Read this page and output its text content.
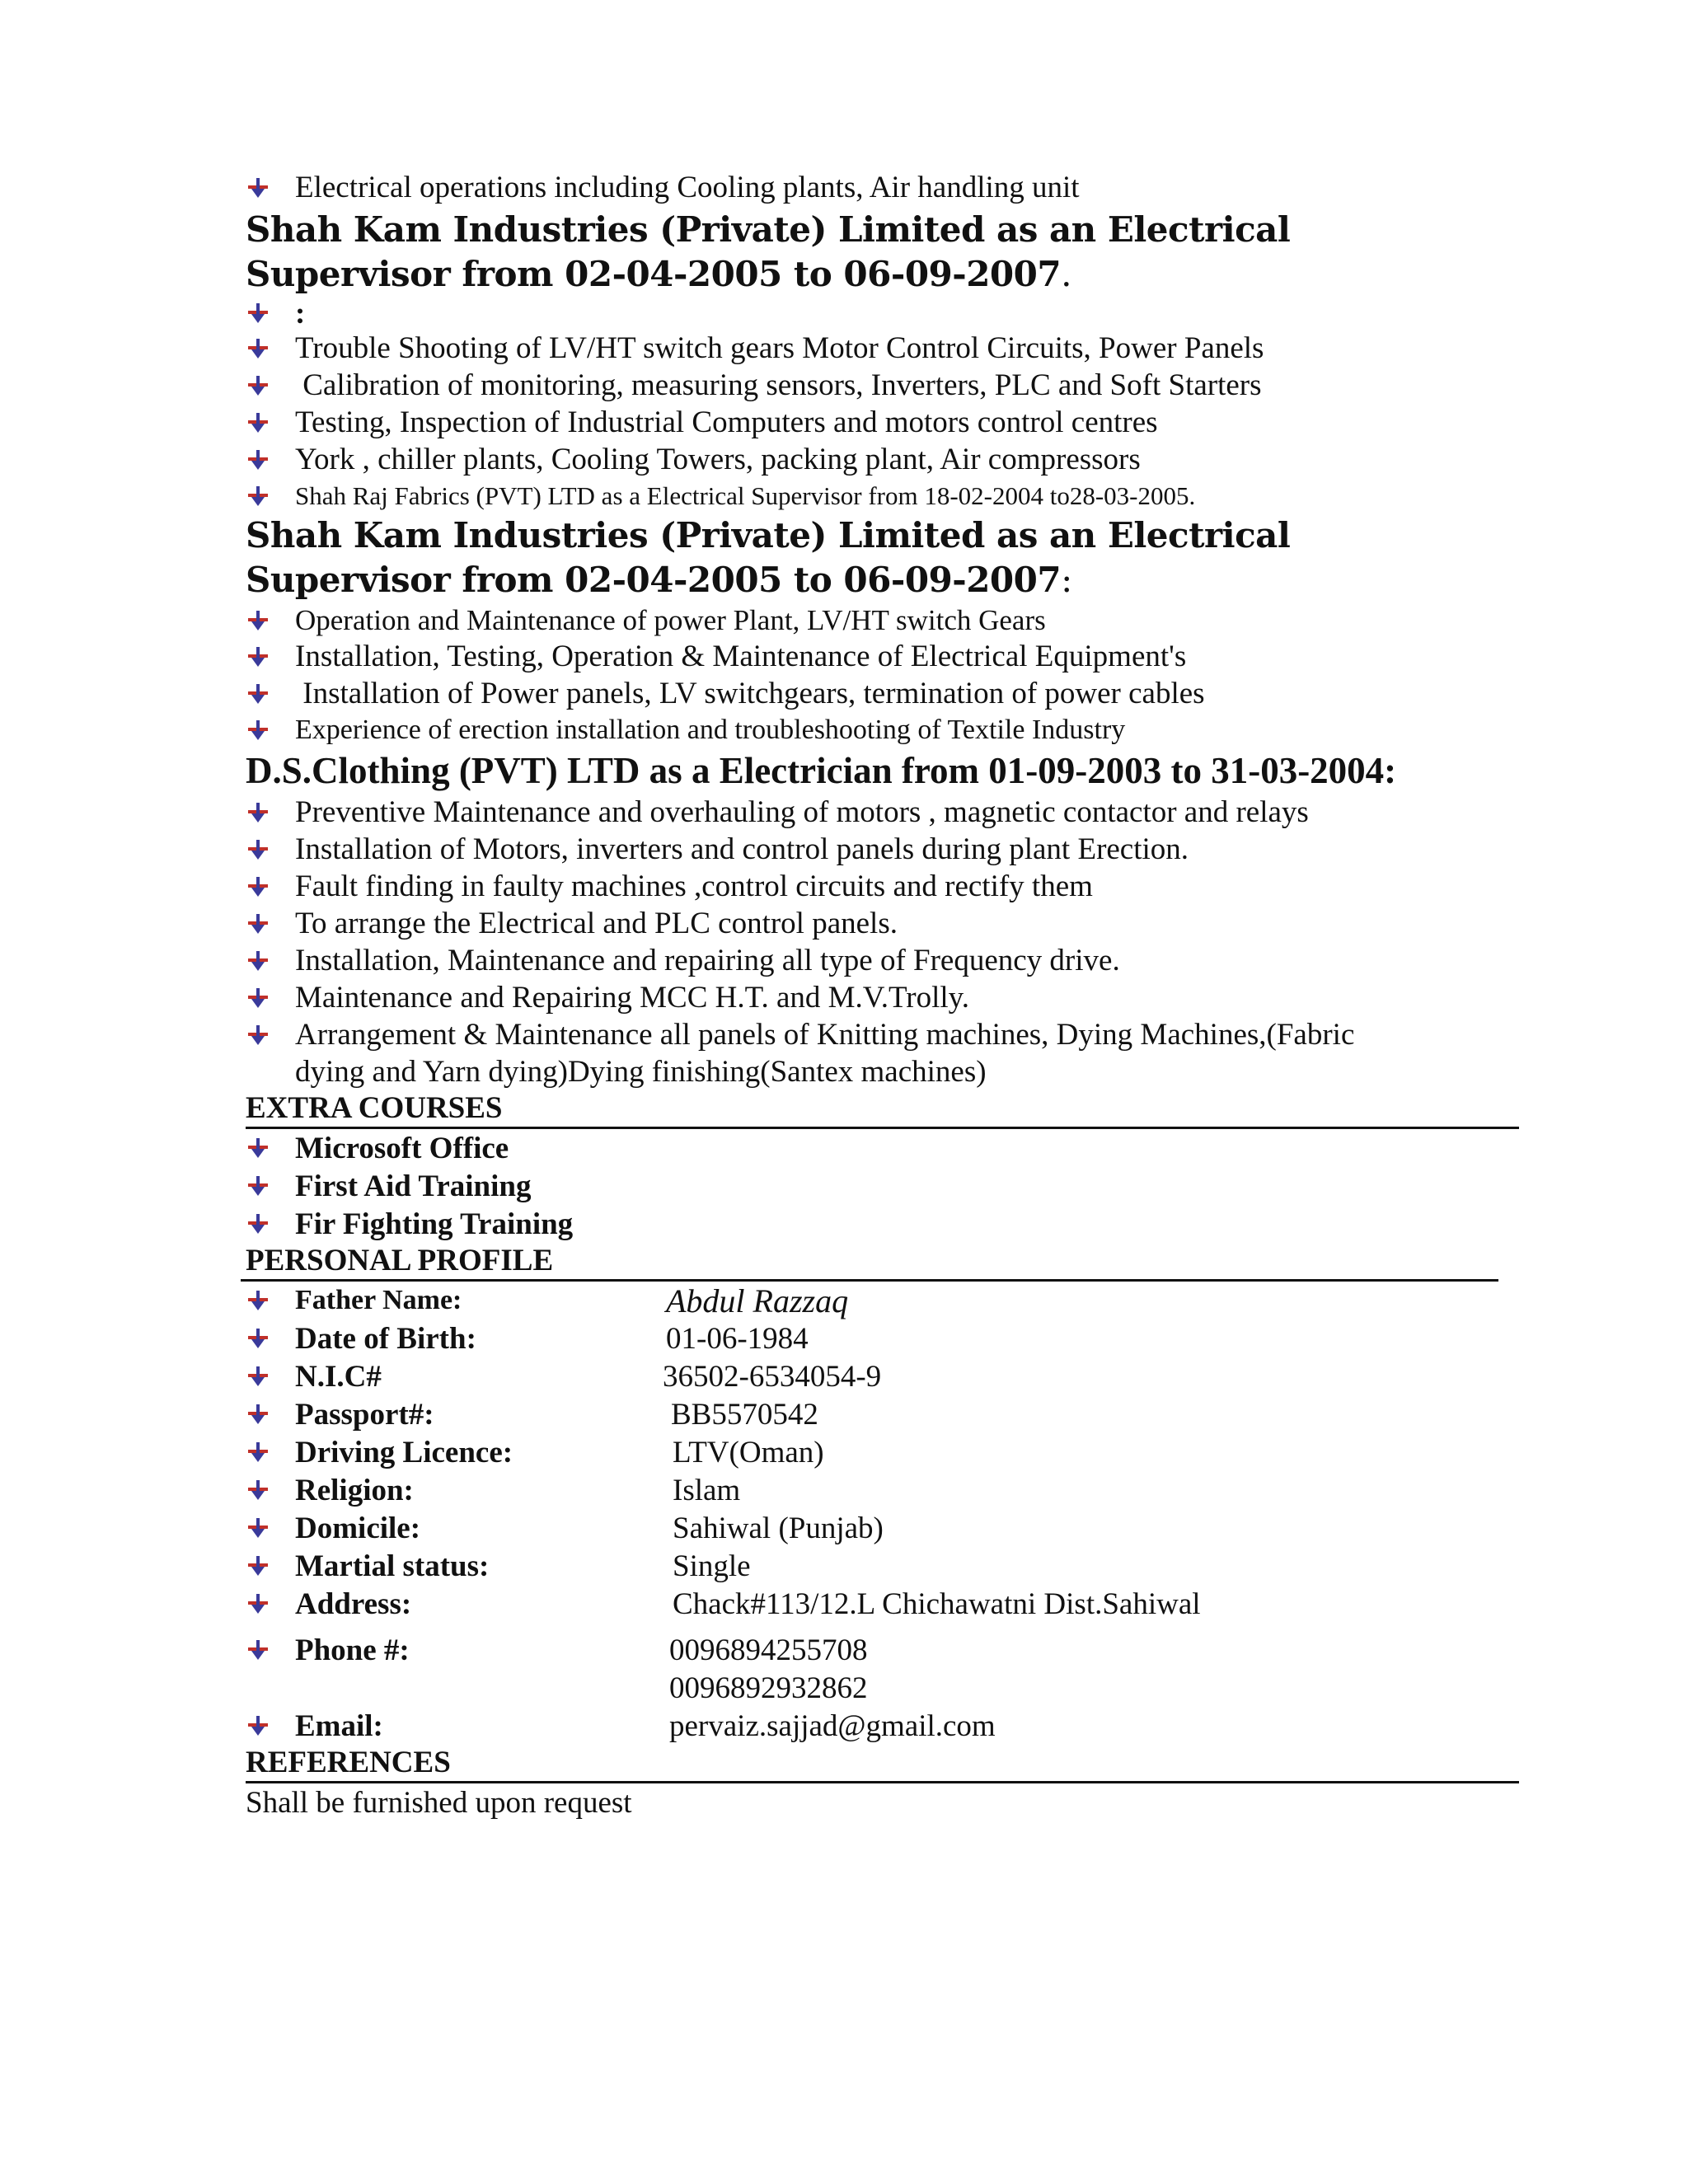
Electrical operations including Cooling plants, Air handling unit
Shah Kam Industries (Private) Limited as an Electrical Supervisor from 02-04-2005 to 06-09-2007.
:
Trouble Shooting of LV/HT switch gears Motor Control Circuits, Power Panels
Calibration of monitoring, measuring sensors, Inverters, PLC and Soft Starters
Testing, Inspection of Industrial Computers and motors control centres
York , chiller plants, Cooling Towers, packing plant, Air compressors
Shah Raj Fabrics (PVT) LTD as a Electrical Supervisor from 18-02-2004 to28-03-2005.
Shah Kam Industries (Private) Limited as an Electrical Supervisor from 02-04-2005 to 06-09-2007:
Operation and Maintenance of power Plant, LV/HT switch Gears
Installation, Testing, Operation & Maintenance of Electrical Equipment's
Installation of Power panels, LV switchgears, termination of power cables
Experience of erection installation and troubleshooting of Textile Industry
D.S.Clothing (PVT) LTD as a Electrician from 01-09-2003 to 31-03-2004:
Preventive Maintenance and overhauling of motors , magnetic contactor and relays
Installation of Motors, inverters and control panels during plant Erection.
Fault finding in faulty machines ,control circuits and rectify them
To arrange the Electrical and PLC control panels.
Installation, Maintenance and repairing all type of Frequency drive.
Maintenance and Repairing MCC H.T. and M.V.Trolly.
Arrangement & Maintenance all panels of Knitting machines, Dying Machines,(Fabric
dying and Yarn dying)Dying finishing(Santex machines)
EXTRA COURSES
Microsoft Office
First Aid Training
Fir Fighting Training
PERSONAL PROFILE
Father Name:	Abdul Razzaq
Date of Birth:	01-06-1984
N.I.C#	36502-6534054-9
Passport#:	BB5570542
Driving Licence:	LTV(Oman)
Religion:	Islam
Domicile:	Sahiwal (Punjab)
Martial status:	Single
Address:	Chack#113/12.L Chichawatni Dist.Sahiwal
Phone #:	0096894255708
0096892932862
Email:	pervaiz.sajjad@gmail.com
REFERENCES
Shall be furnished upon request
